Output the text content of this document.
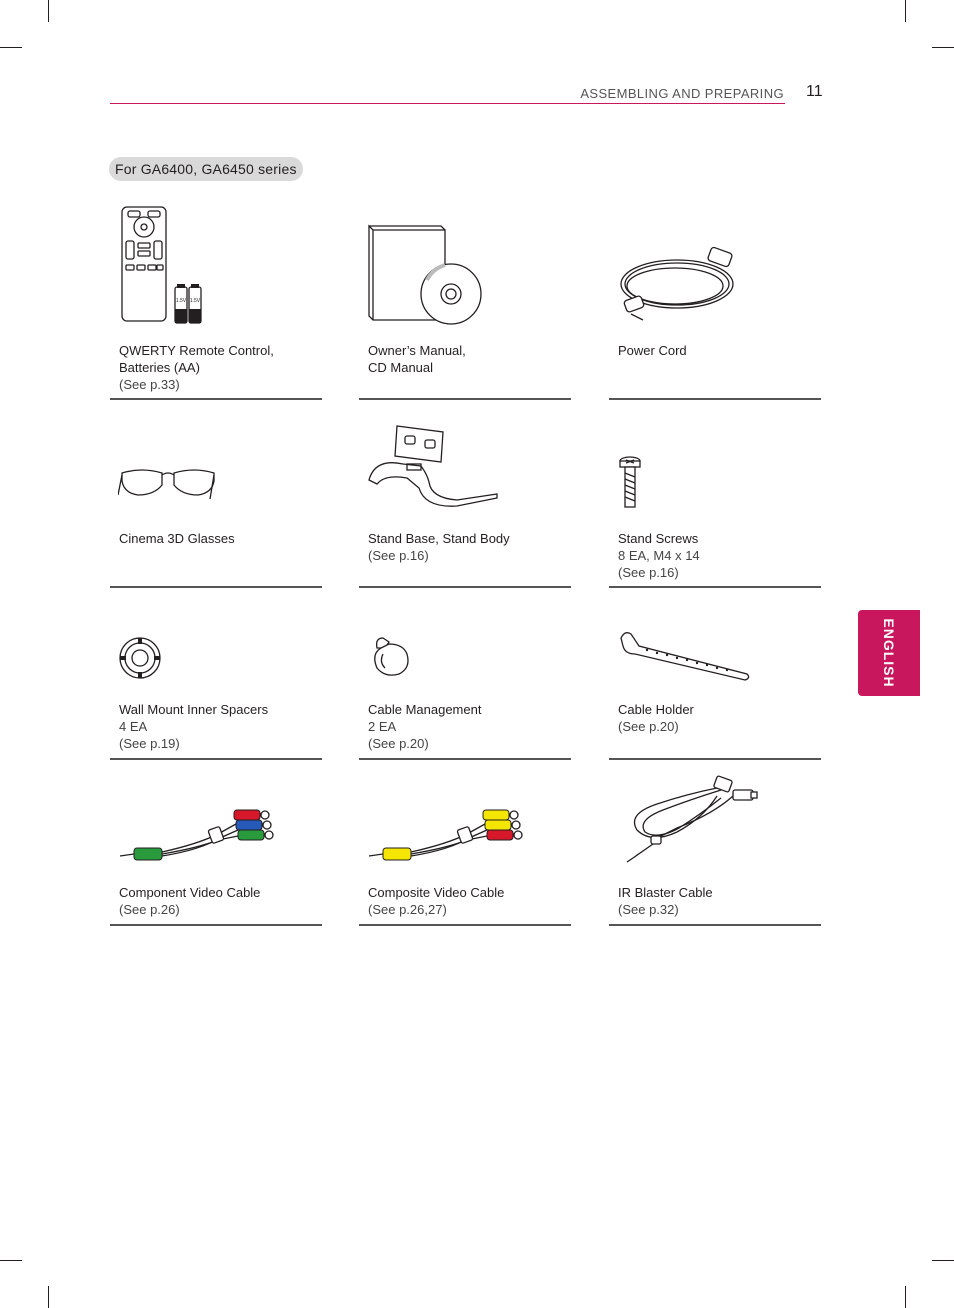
ASSEMBLING AND PREPARING 11
For GA6400, GA6450 series
ENGLISH
1.5V 1.5V
QWERTY Remote Control,
Batteries (AA)
(See p.33)
Owner’s Manual,
CD Manual
Power Cord
Cinema 3D Glasses	Stand Base, Stand Body
(See p.16)
Stand Screws
8 EA, M4 x 14
(See p.16)
Wall Mount Inner Spacers
4 EA
(See p.19)
Cable Management
2 EA
(See p.20)
Cable Holder
(See p.20)
Component Video Cable
(See p.26)
Composite Video Cable
(See p.26,27)
IR Blaster Cable
(See p.32)
